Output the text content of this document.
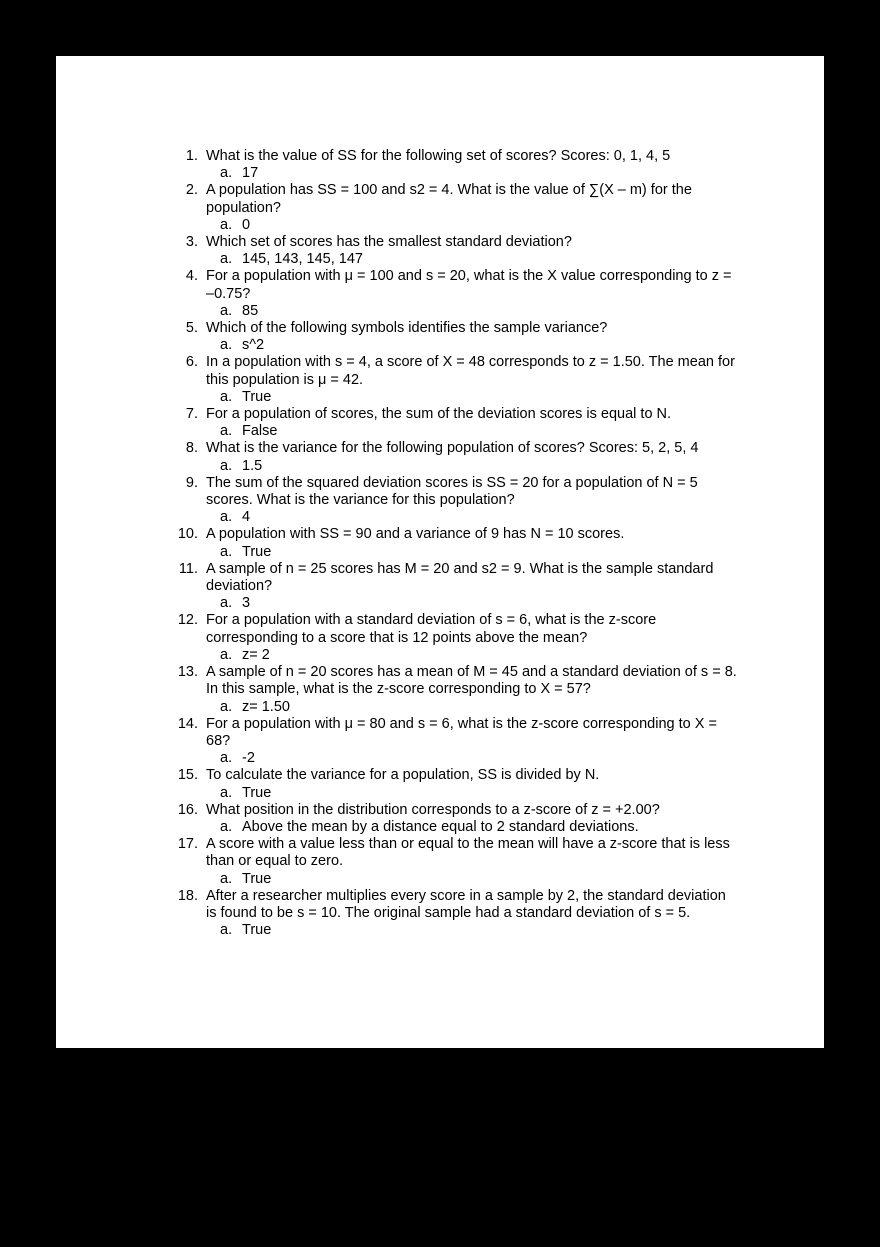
What is the value of SS for the following set of scores? Scores: 0, 1, 4, 5

17

A population has SS = 100 and s2 = 4. What is the value of ∑(X – m) for the population?

0

Which set of scores has the smallest standard deviation?

145, 143, 145, 147

For a population with μ = 100 and s = 20, what is the X value corresponding to z = –0.75?

85

Which of the following symbols identifies the sample variance?

s^2

In a population with s = 4, a score of X = 48 corresponds to z = 1.50. The mean for this population is μ = 42.

True

For a population of scores, the sum of the deviation scores is equal to N.

False

What is the variance for the following population of scores? Scores: 5, 2, 5, 4

1.5

The sum of the squared deviation scores is SS = 20 for a population of N = 5 scores. What is the variance for this population?

4

A population with SS = 90 and a variance of 9 has N = 10 scores.

True

A sample of n = 25 scores has M = 20 and s2 = 9. What is the sample standard deviation?

3

For a population with a standard deviation of s = 6, what is the z-score corresponding to a score that is 12 points above the mean?

z= 2

A sample of n = 20 scores has a mean of M = 45 and a standard deviation of s = 8. In this sample, what is the z-score corresponding to X = 57?

z= 1.50

For a population with μ = 80 and s = 6, what is the z-score corresponding to X = 68?

-2

To calculate the variance for a population, SS is divided by N.

True

What position in the distribution corresponds to a z-score of z = +2.00?

Above the mean by a distance equal to 2 standard deviations.

A score with a value less than or equal to the mean will have a z-score that is less than or equal to zero.

True

After a researcher multiplies every score in a sample by 2, the standard deviation is found to be s = 10. The original sample had a standard deviation of s = 5.

True
